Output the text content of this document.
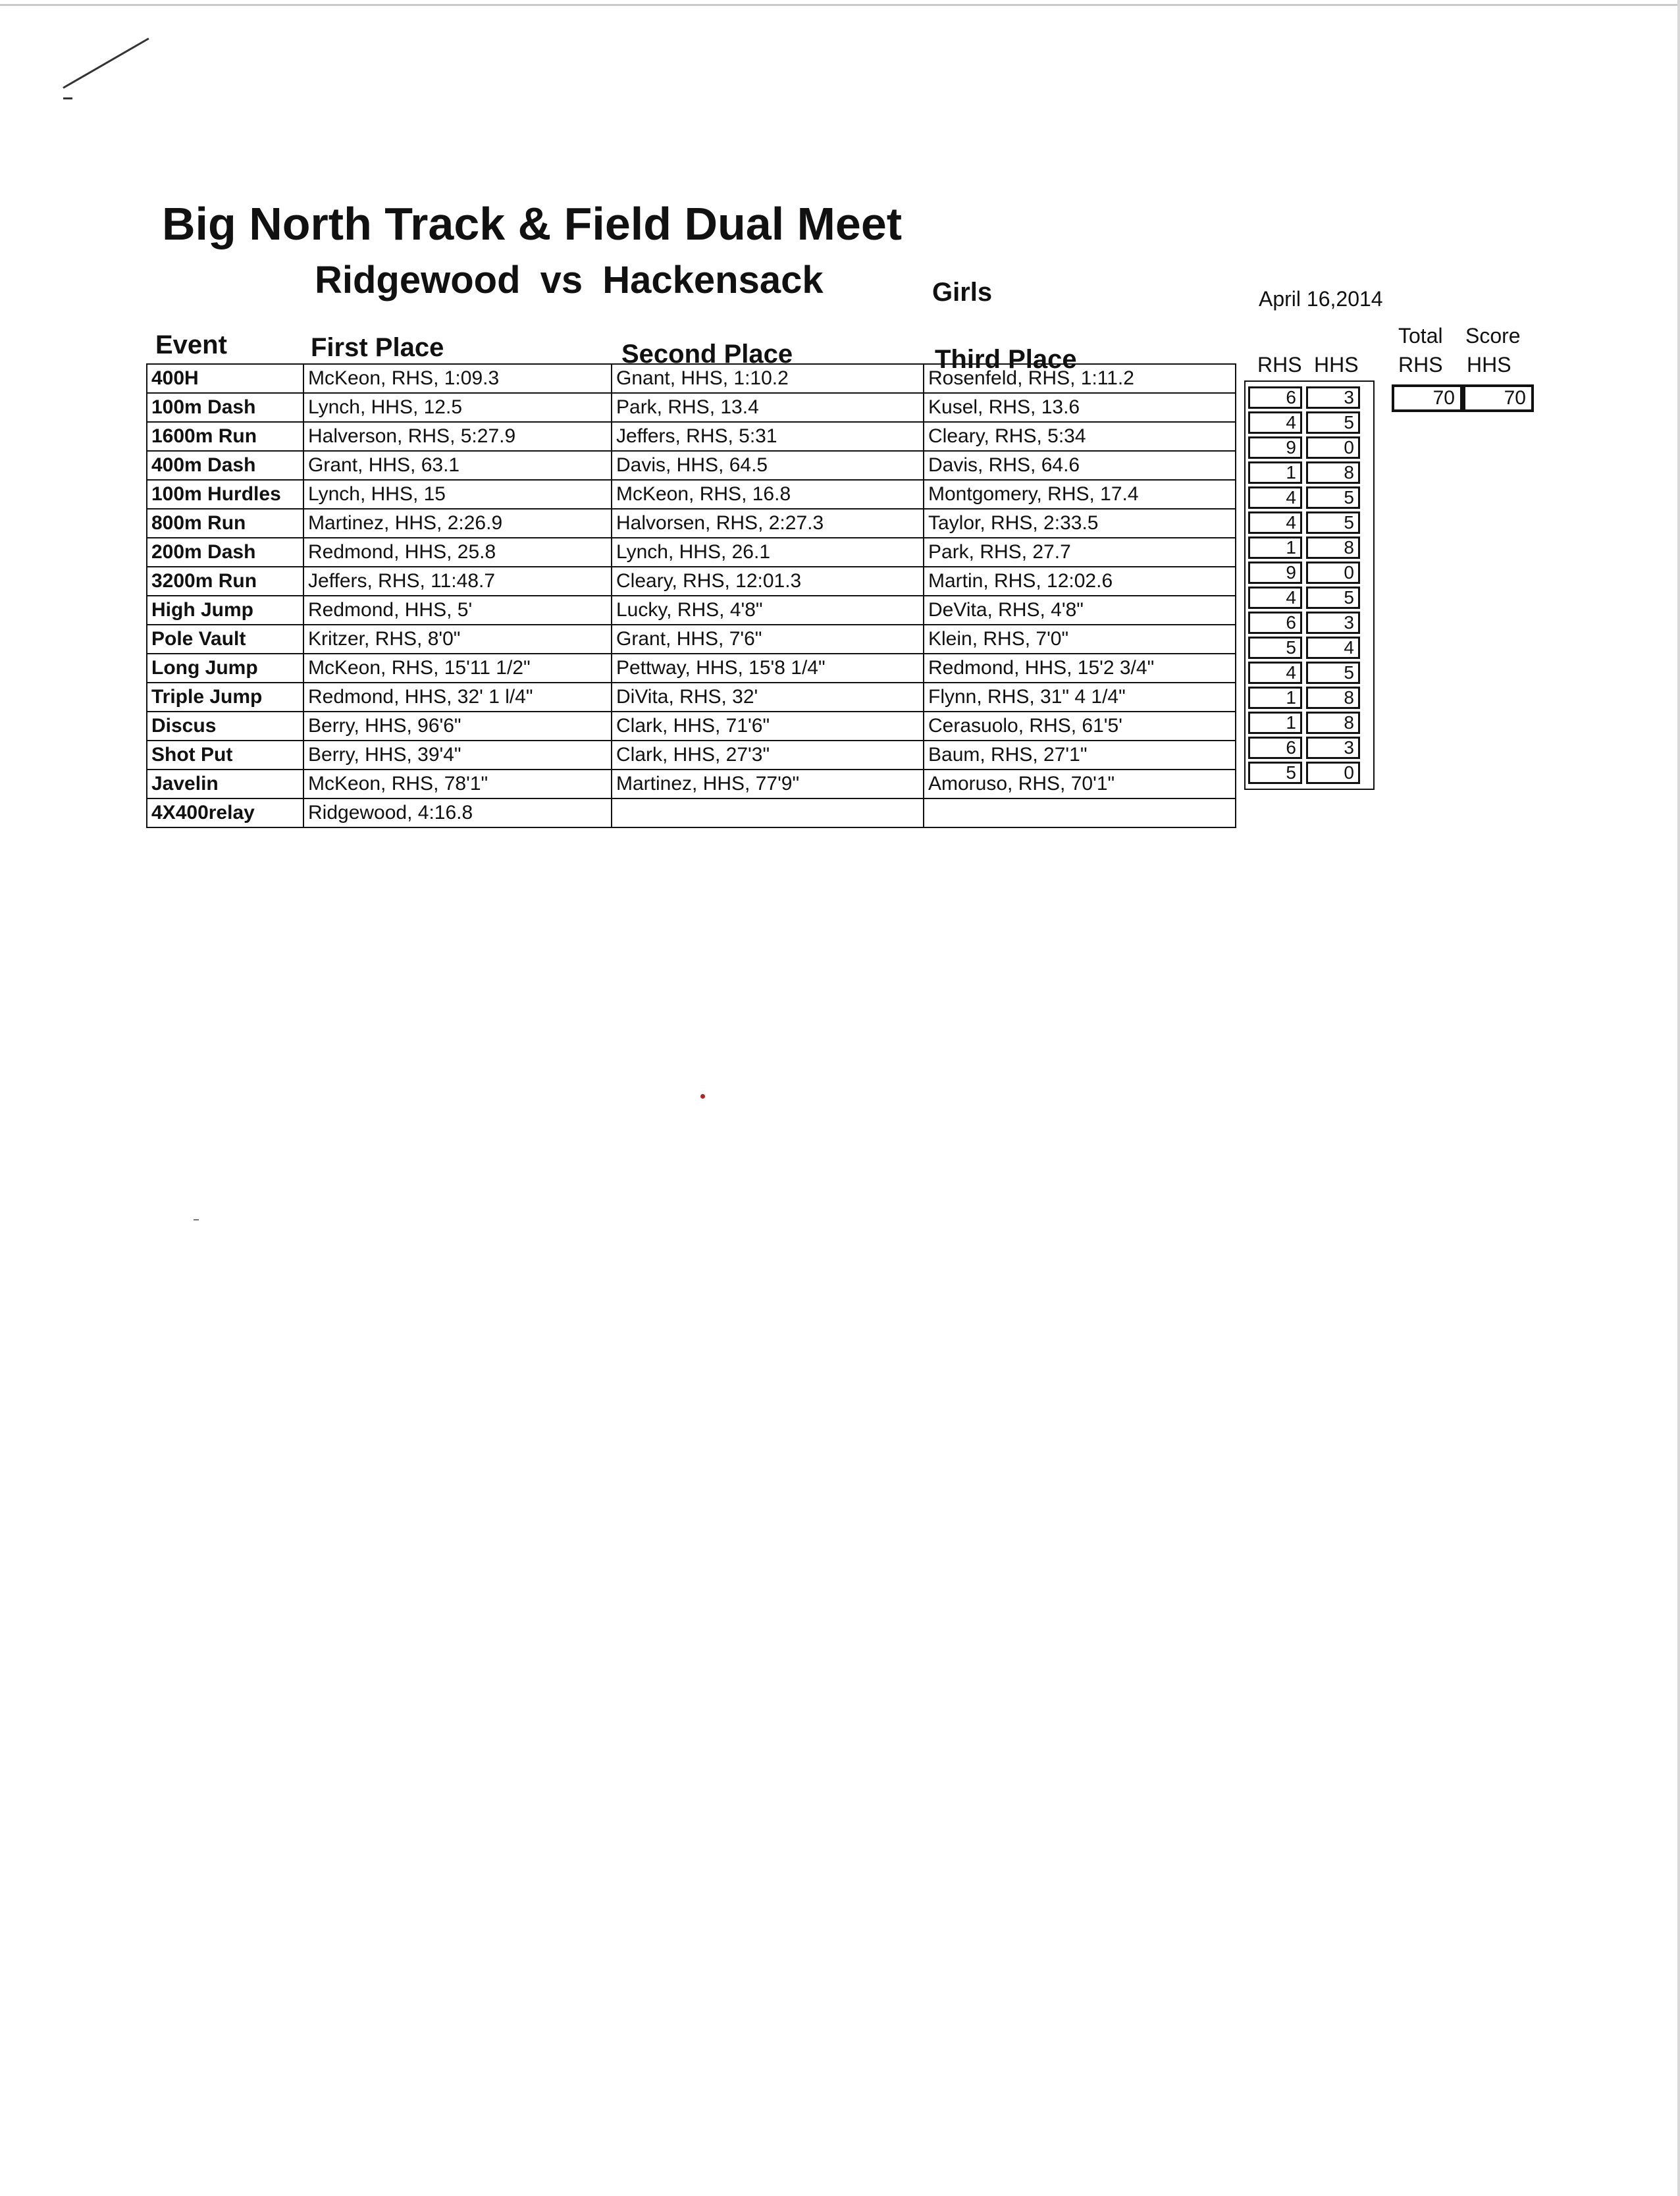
Big North Track & Field Dual Meet
Ridgewood vs Hackensack	Girls	April 16,2014
Event	First Place	Second Place	Third Place	RHS HHS
Total Score
RHS HHS
400H	McKeon, RHS, 1:09.3	Gnant, HHS, 1:10.2	Rosenfeld, RHS, 1:11.2
100m Dash	Lynch, HHS, 12.5	Park, RHS, 13.4	Kusel, RHS, 13.6
1600m Run	Halverson, RHS, 5:27.9	Jeffers, RHS, 5:31	Cleary, RHS, 5:34
400m Dash	Grant, HHS, 63.1	Davis, HHS, 64.5	Davis, RHS, 64.6
100m Hurdles	Lynch, HHS, 15	McKeon, RHS, 16.8	Montgomery, RHS, 17.4
800m Run	Martinez, HHS, 2:26.9	Halvorsen, RHS, 2:27.3	Taylor, RHS, 2:33.5
200m Dash	Redmond, HHS, 25.8	Lynch, HHS, 26.1	Park, RHS, 27.7
3200m Run	Jeffers, RHS, 11:48.7	Cleary, RHS, 12:01.3	Martin, RHS, 12:02.6
High Jump	Redmond, HHS, 5'	Lucky, RHS, 4'8"	DeVita, RHS, 4'8"
Pole Vault	Kritzer, RHS, 8'0"	Grant, HHS, 7'6"	Klein, RHS, 7'0"
Long Jump	McKeon, RHS, 15'11 1/2"	Pettway, HHS, 15'8 1/4"	Redmond, HHS, 15'2 3/4"
Triple Jump	Redmond, HHS, 32' 1 l/4"	DiVita, RHS, 32'	Flynn, RHS, 31" 4 1/4"
Discus	Berry, HHS, 96'6"	Clark, HHS, 71'6"	Cerasuolo, RHS, 61'5'
Shot Put	Berry, HHS, 39'4"	Clark, HHS, 27'3"	Baum, RHS, 27'1"
Javelin	McKeon, RHS, 78'1"	Martinez, HHS, 77'9"	Amoruso, RHS, 70'1"
4X400relay	Ridgewood, 4:16.8		
6	3
4	5
9	0
1	8
4	5
4	5
1	8
9	0
4	5
6	3
5	4
4	5
1	8
1	8
6	3
5	0
70	70
